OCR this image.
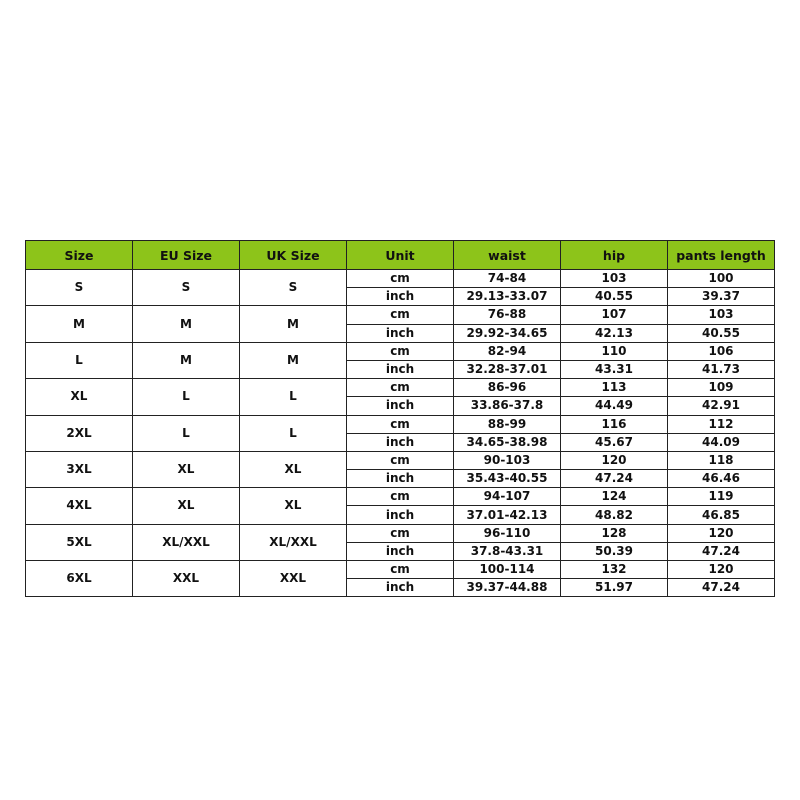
Size	EU Size	UK Size	Unit	waist	hip	pants length
S	S	S	cm	74-84	103	100
			inch	29.13-33.07	40.55	39.37
M	M	M	cm	76-88	107	103
			inch	29.92-34.65	42.13	40.55
L	M	M	cm	82-94	110	106
			inch	32.28-37.01	43.31	41.73
XL	L	L	cm	86-96	113	109
			inch	33.86-37.8	44.49	42.91
2XL	L	L	cm	88-99	116	112
			inch	34.65-38.98	45.67	44.09
3XL	XL	XL	cm	90-103	120	118
			inch	35.43-40.55	47.24	46.46
4XL	XL	XL	cm	94-107	124	119
			inch	37.01-42.13	48.82	46.85
5XL	XL/XXL	XL/XXL	cm	96-110	128	120
			inch	37.8-43.31	50.39	47.24
6XL	XXL	XXL	cm	100-114	132	120
			inch	39.37-44.88	51.97	47.24
